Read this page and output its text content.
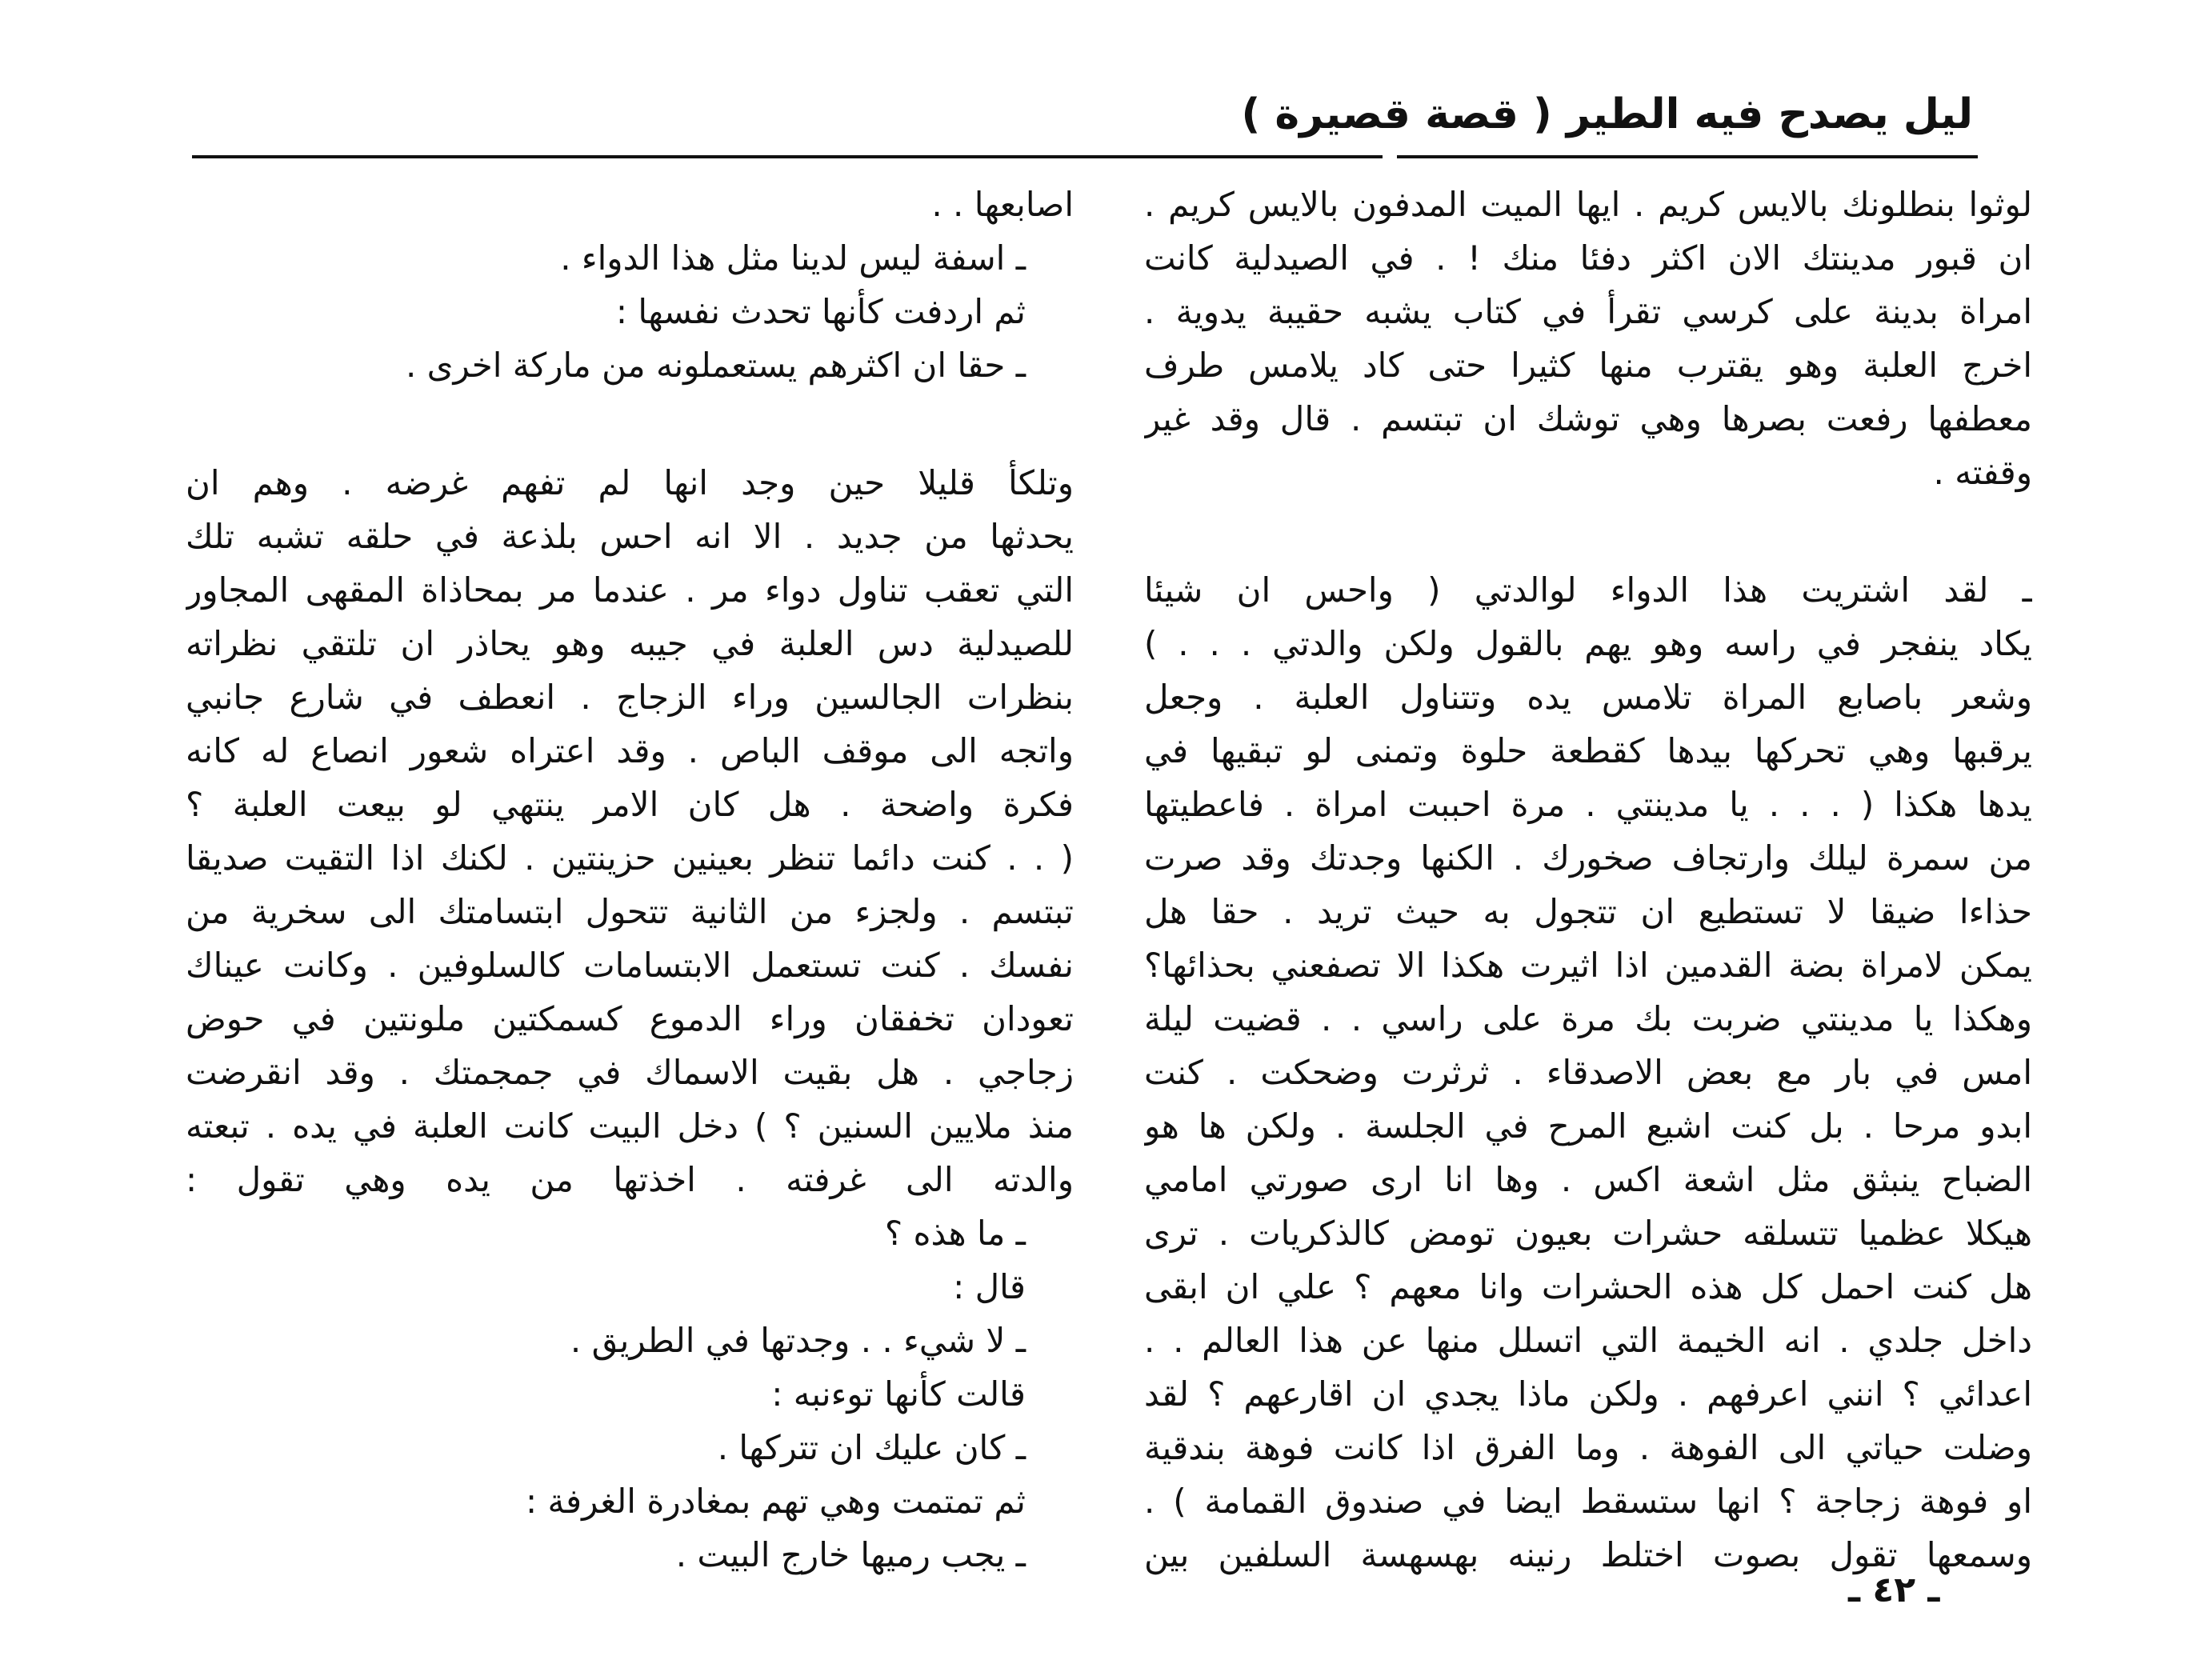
ليل يصدح فيه الطير ( قصة قصيرة )
لوثوا بنطلونك بالايس كريم . ايها الميت المدفون بالايس كريم .
ان قبور مدينتك الان اكثر دفئا منك ! . في الصيدلية كانت
امراة بدينة على كرسي تقرأ في كتاب يشبه حقيبة يدوية .
اخرج العلبة وهو يقترب منها كثيرا حتى كاد يلامس طرف
معطفها رفعت بصرها وهي توشك ان تبتسم . قال وقد غير
وقفته .
ـ لقد اشتريت هذا الدواء لوالدتي ( واحس ان شيئا
يكاد ينفجر في راسه وهو يهم بالقول ولكن والدتي . . . )
وشعر باصابع المراة تلامس يده وتتناول العلبة . وجعل
يرقبها وهي تحركها بيدها كقطعة حلوة وتمنى لو تبقيها في
يدها هكذا ( . . . يا مدينتي . مرة احببت امراة . فاعطيتها
من سمرة ليلك وارتجاف صخورك . الكنها وجدتك وقد صرت
حذاءا ضيقا لا تستطيع ان تتجول به حيث تريد . حقا هل
يمكن لامراة بضة القدمين اذا اثيرت هكذا الا تصفعني بحذائها؟
وهكذا يا مدينتي ضربت بك مرة على راسي . . قضيت ليلة
امس في بار مع بعض الاصدقاء . ثرثرت وضحكت . كنت
ابدو مرحا . بل كنت اشيع المرح في الجلسة . ولكن ها هو
الضباح ينبثق مثل اشعة اكس . وها انا ارى صورتي امامي
هيكلا عظميا تتسلقه حشرات بعيون تومض كالذكريات . ترى
هل كنت احمل كل هذه الحشرات وانا معهم ؟ علي ان ابقى
داخل جلدي . انه الخيمة التي اتسلل منها عن هذا العالم . .
اعدائي ؟ انني اعرفهم . ولكن ماذا يجدي ان اقارعهم ؟ لقد
وضلت حياتي الى الفوهة . وما الفرق اذا كانت فوهة بندقية
او فوهة زجاجة ؟ انها ستسقط ايضا في صندوق القمامة ) .
وسمعها تقول بصوت اختلط رنينه بهسهسة السلفين بين
اصابعها . .
ـ اسفة ليس لدينا مثل هذا الدواء .
ثم اردفت كأنها تحدث نفسها :
ـ حقا ان اكثرهم يستعملونه من ماركة اخرى .
وتلكأ قليلا حين وجد انها لم تفهم غرضه . وهم ان
يحدثها من جديد . الا انه احس بلذعة في حلقه تشبه تلك
التي تعقب تناول دواء مر . عندما مر بمحاذاة المقهى المجاور
للصيدلية دس العلبة في جيبه وهو يحاذر ان تلتقي نظراته
بنظرات الجالسين وراء الزجاج . انعطف في شارع جانبي
واتجه الى موقف الباص . وقد اعتراه شعور انصاع له كانه
فكرة واضحة . هل كان الامر ينتهي لو بيعت العلبة ؟
( . . كنت دائما تنظر بعينين حزينتين . لكنك اذا التقيت صديقا
تبتسم . ولجزء من الثانية تتحول ابتسامتك الى سخرية من
نفسك . كنت تستعمل الابتسامات كالسلوفين . وكانت عيناك
تعودان تخفقان وراء الدموع كسمكتين ملونتين في حوض
زجاجي . هل بقيت الاسماك في جمجمتك . وقد انقرضت
منذ ملايين السنين ؟ ) دخل البيت كانت العلبة في يده . تبعته
والدته الى غرفته . اخذتها من يده وهي تقول :
ـ ما هذه ؟
قال :
ـ لا شيء . . وجدتها في الطريق .
قالت كأنها توءنبه :
ـ كان عليك ان تتركها .
ثم تمتمت وهي تهم بمغادرة الغرفة :
ـ يجب رميها خارج البيت .
ـ ٤٢ ـ
